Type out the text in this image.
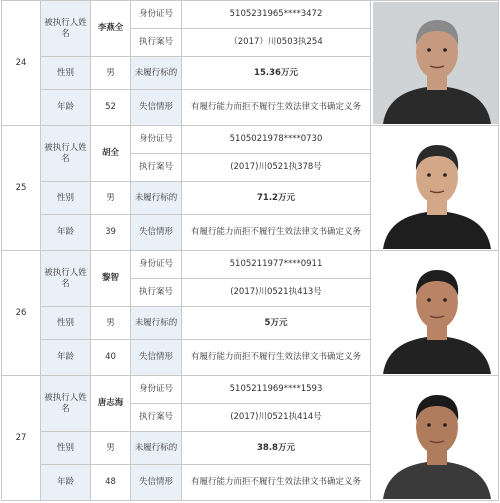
24	被执行人姓名	李燕全	身份证号	5105231965****3472	

			执行案号	（2017）川0503执254	
	性别	男	未履行标的	15.36万元	
	年龄	52	失信情形	有履行能力而拒不履行生效法律文书确定义务	
25	被执行人姓名	胡全	身份证号	5105021978****0730	

			执行案号	(2017)川0521执378号	
	性别	男	未履行标的	71.2万元	
	年龄	39	失信情形	有履行能力而拒不履行生效法律文书确定义务	
26	被执行人姓名	黎智	身份证号	5105211977****0911	

			执行案号	(2017)川0521执413号	
	性别	男	未履行标的	5万元	
	年龄	40	失信情形	有履行能力而拒不履行生效法律文书确定义务	
27	被执行人姓名	唐志海	身份证号	5105211969****1593	

			执行案号	(2017)川0521执414号	
	性别	男	未履行标的	38.8万元	
	年龄	48	失信情形	有履行能力而拒不履行生效法律文书确定义务	
